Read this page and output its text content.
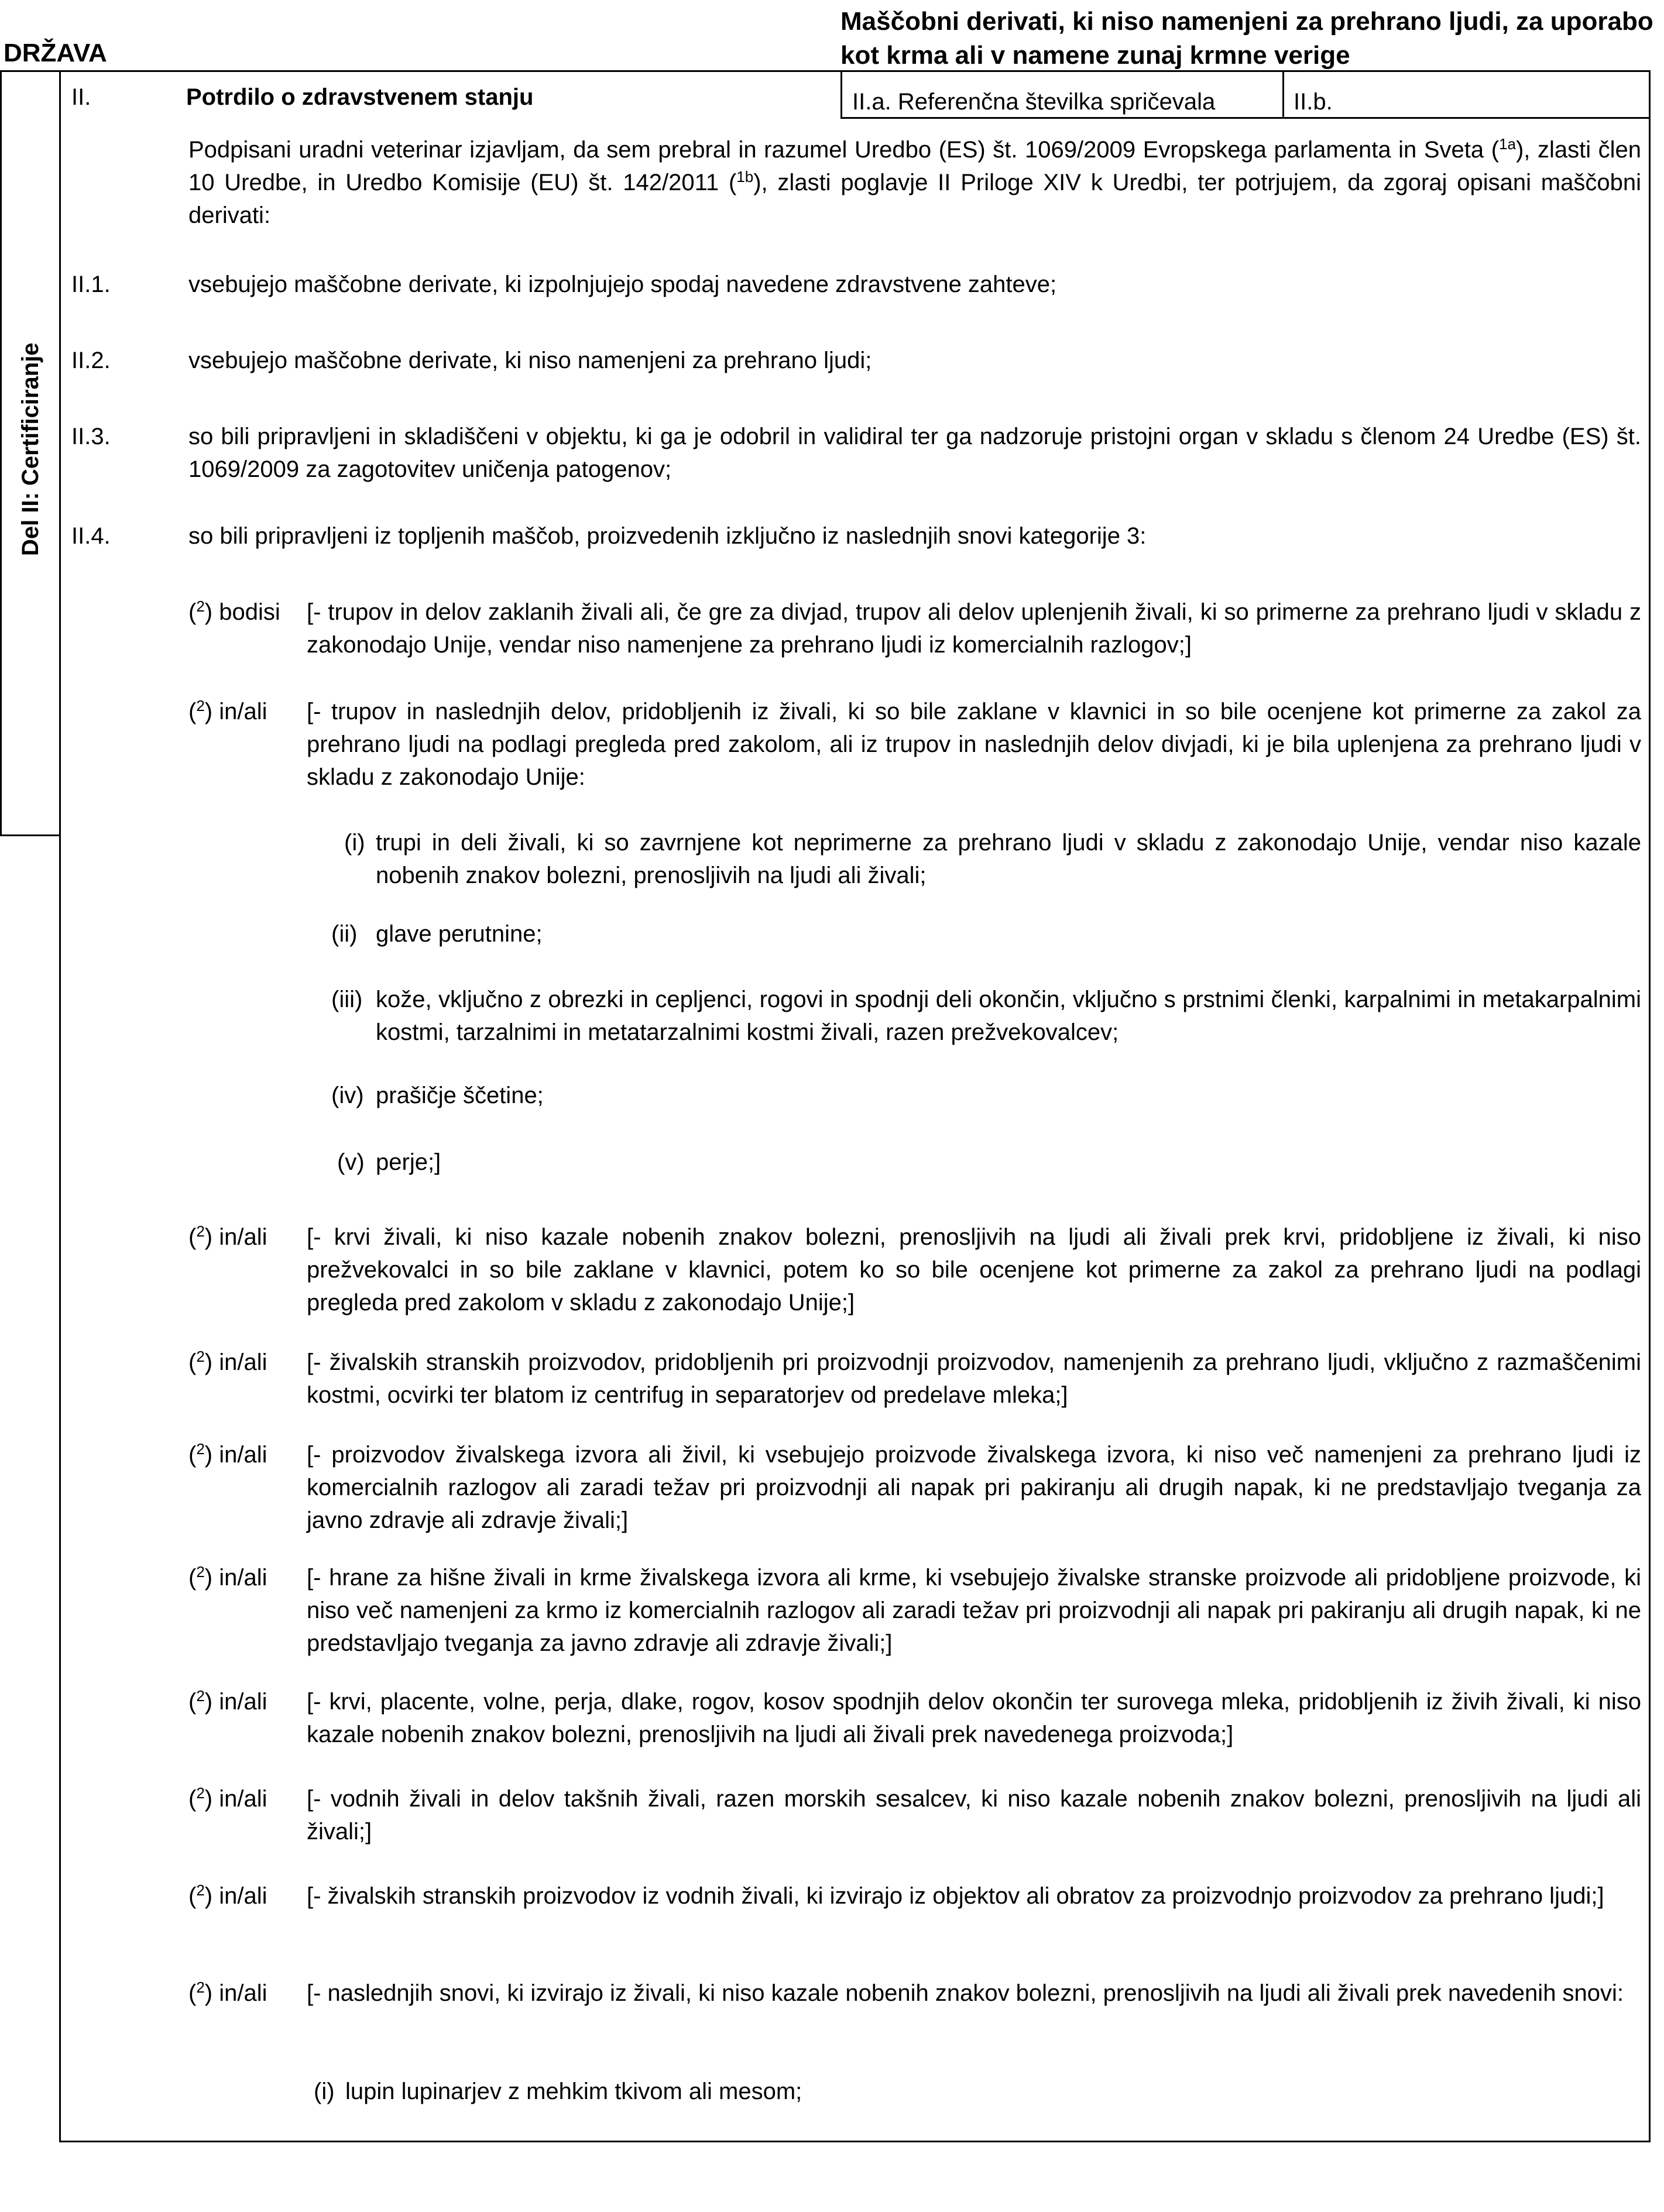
DRŽAVA
Maščobni derivati, ki niso namenjeni za prehrano ljudi, za uporabo
kot krma ali v namene zunaj krmne verige
II.	Potrdilo o zdravstvenem stanju	II.a. Referenčna številka spričevala	II.b.
Del II: Certificiranje
Podpisani uradni veterinar izjavljam, da sem prebral in razumel Uredbo (ES) št. 1069/2009 Evropskega parlamenta in Sveta ($^{1a}$), zlasti člen 10 Uredbe, in Uredbo Komisije (EU) št. 142/2011 ($^{1b}$), zlasti poglavje II Priloge XIV k Uredbi, ter potrjujem, da zgoraj opisani maščobni derivati:
II.1.	vsebujejo maščobne derivate, ki izpolnjujejo spodaj navedene zdravstvene zahteve;
II.2.	vsebujejo maščobne derivate, ki niso namenjeni za prehrano ljudi;
II.3.	so bili pripravljeni in skladiščeni v objektu, ki ga je odobril in validiral ter ga nadzoruje pristojni organ v skladu s členom 24 Uredbe (ES) št. 1069/2009 za zagotovitev uničenja patogenov;
II.4.	so bili pripravljeni iz topljenih maščob, proizvedenih izključno iz naslednjih snovi kategorije 3:
($^2$) bodisi [- trupov in delov zaklanih živali ali, če gre za divjad, trupov ali delov uplenjenih živali, ki so primerne za prehrano ljudi v skladu z zakonodajo Unije, vendar niso namenjene za prehrano ljudi iz komercialnih razlogov;]
($^2$) in/ali [- trupov in naslednjih delov, pridobljenih iz živali, ki so bile zaklane v klavnici in so bile ocenjene kot primerne za zakol za prehrano ljudi na podlagi pregleda pred zakolom, ali iz trupov in naslednjih delov divjadi, ki je bila uplenjena za prehrano ljudi v skladu z zakonodajo Unije:
(i) trupi in deli živali, ki so zavrnjene kot neprimerne za prehrano ljudi v skladu z zakonodajo Unije, vendar niso kazale nobenih znakov bolezni, prenosljivih na ljudi ali živali;
(ii) glave perutnine;
(iii) kože, vključno z obrezki in cepljenci, rogovi in spodnji deli okončin, vključno s prstnimi členki, karpalnimi in metakarpalnimi kostmi, tarzalnimi in metatarzalnimi kostmi živali, razen prežvekovalcev;
(iv) prašičje ščetine;
(v) perje;]
($^2$) in/ali [- krvi živali, ki niso kazale nobenih znakov bolezni, prenosljivih na ljudi ali živali prek krvi, pridobljene iz živali, ki niso prežvekovalci in so bile zaklane v klavnici, potem ko so bile ocenjene kot primerne za zakol za prehrano ljudi na podlagi pregleda pred zakolom v skladu z zakonodajo Unije;]
($^2$) in/ali [- živalskih stranskih proizvodov, pridobljenih pri proizvodnji proizvodov, namenjenih za prehrano ljudi, vključno z razmaščenimi kostmi, ocvirki ter blatom iz centrifug in separatorjev od predelave mleka;]
($^2$) in/ali [- proizvodov živalskega izvora ali živil, ki vsebujejo proizvode živalskega izvora, ki niso več namenjeni za prehrano ljudi iz komercialnih razlogov ali zaradi težav pri proizvodnji ali napak pri pakiranju ali drugih napak, ki ne predstavljajo tveganja za javno zdravje ali zdravje živali;]
($^2$) in/ali [- hrane za hišne živali in krme živalskega izvora ali krme, ki vsebujejo živalske stranske proizvode ali pridobljene proizvode, ki niso več namenjeni za krmo iz komercialnih razlogov ali zaradi težav pri proizvodnji ali napak pri pakiranju ali drugih napak, ki ne predstavljajo tveganja za javno zdravje ali zdravje živali;]
($^2$) in/ali [- krvi, placente, volne, perja, dlake, rogov, kosov spodnjih delov okončin ter surovega mleka, pridobljenih iz živih živali, ki niso kazale nobenih znakov bolezni, prenosljivih na ljudi ali živali prek navedenega proizvoda;]
($^2$) in/ali [- vodnih živali in delov takšnih živali, razen morskih sesalcev, ki niso kazale nobenih znakov bolezni, prenosljivih na ljudi ali živali;]
($^2$) in/ali [- živalskih stranskih proizvodov iz vodnih živali, ki izvirajo iz objektov ali obratov za proizvodnjo proizvodov za prehrano ljudi;]
($^2$) in/ali [- naslednjih snovi, ki izvirajo iz živali, ki niso kazale nobenih znakov bolezni, prenosljivih na ljudi ali živali prek navedenih snovi:
(i) lupin lupinarjev z mehkim tkivom ali mesom;
